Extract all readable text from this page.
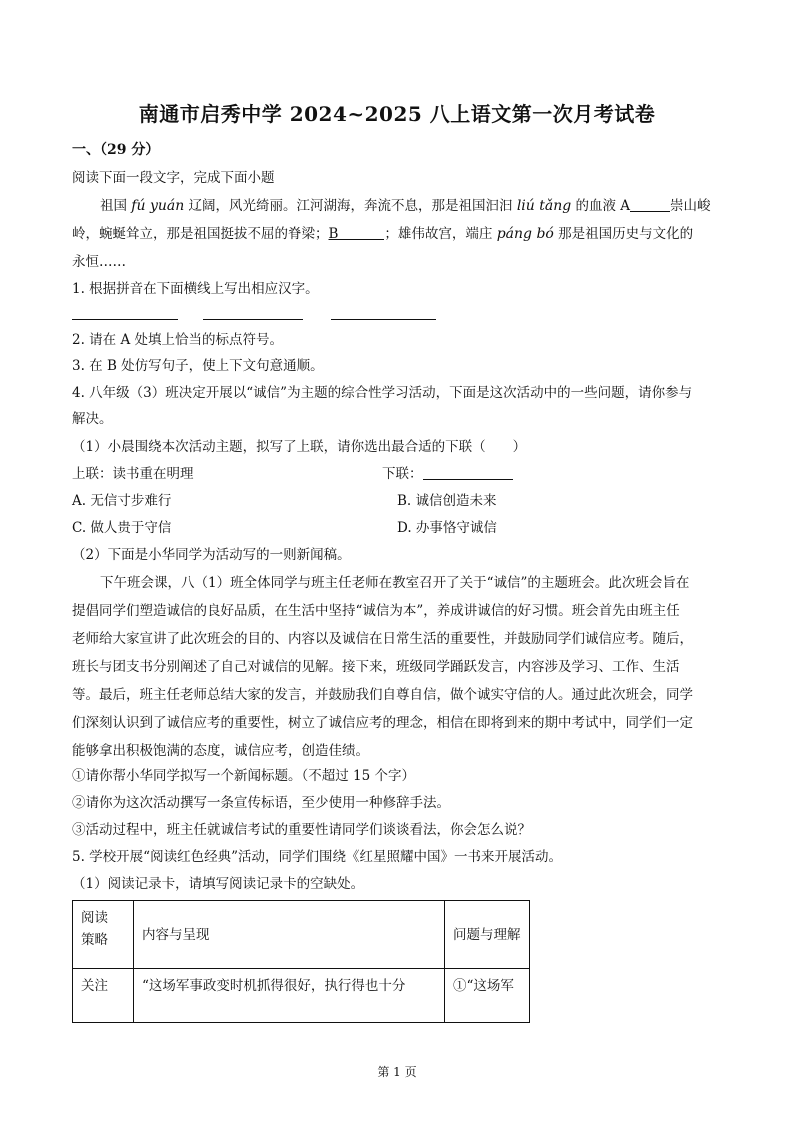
南通市启秀中学 2024~2025 八上语文第一次月考试卷
一、（29 分）
阅读下面一段文字，完成下面小题
祖国 fú yuán 辽阔，风光绮丽。江河湖海，奔流不息，那是祖国汩汩 liú tǎng 的血液 A	崇山峻
岭，蜿蜒耸立，那是祖国挺拔不屈的脊梁；B	；雄伟故宫，端庄 páng bó 那是祖国历史与文化的
永恒……
1. 根据拼音在下面横线上写出相应汉字。
2. 请在 A 处填上恰当的标点符号。
3. 在 B 处仿写句子，使上下文句意通顺。
4. 八年级（3）班决定开展以“诚信”为主题的综合性学习活动，下面是这次活动中的一些问题，请你参与
解决。
（1）小晨围绕本次活动主题，拟写了上联，请你选出最合适的下联（　　）
上联：读书重在明理	下联：
A. 无信寸步难行	B. 诚信创造未来
C. 做人贵于守信	D. 办事恪守诚信
（2）下面是小华同学为活动写的一则新闻稿。
下午班会课，八（1）班全体同学与班主任老师在教室召开了关于“诚信”的主题班会。此次班会旨在
提倡同学们塑造诚信的良好品质，在生活中坚持“诚信为本”，养成讲诚信的好习惯。班会首先由班主任
老师给大家宣讲了此次班会的目的、内容以及诚信在日常生活的重要性，并鼓励同学们诚信应考。随后，
班长与团支书分别阐述了自己对诚信的见解。接下来，班级同学踊跃发言，内容涉及学习、工作、生活
等。最后，班主任老师总结大家的发言，并鼓励我们自尊自信，做个诚实守信的人。通过此次班会，同学
们深刻认识到了诚信应考的重要性，树立了诚信应考的理念，相信在即将到来的期中考试中，同学们一定
能够拿出积极饱满的态度，诚信应考，创造佳绩。
①请你帮小华同学拟写一个新闻标题。（不超过 15 个字）
②请你为这次活动撰写一条宣传标语，至少使用一种修辞手法。
③活动过程中，班主任就诚信考试的重要性请同学们谈谈看法，你会怎么说？
5. 学校开展“阅读红色经典”活动，同学们围绕《红星照耀中国》一书来开展活动。
（1）阅读记录卡，请填写阅读记录卡的空缺处。
阅读
策略	内容与呈现	问题与理解
关注	“这场军事政变时机抓得很好，执行得也十分	①“这场军
第 1 页
